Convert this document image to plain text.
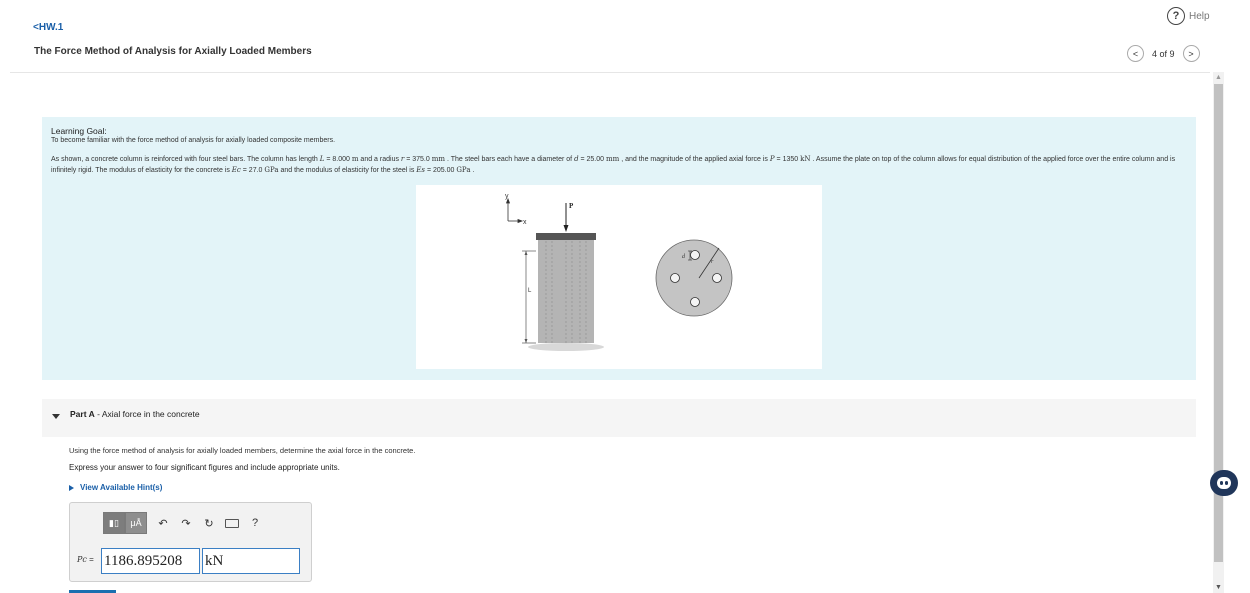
<HW.1
The Force Method of Analysis for Axially Loaded Members
? Help
<	4 of 9	>
▲
▼
Learning Goal:
To become familiar with the force method of analysis for axially loaded composite members.
As shown, a concrete column is reinforced with four steel bars. The column has length L = 8.000 m and a radius r = 375.0 mm . The steel bars each have a diameter of d = 25.00 mm , and the magnitude of the applied axial force is P = 1350 kN . Assume the plate on top of the column allows for equal distribution of the applied force over the entire column and is infinitely rigid. The modulus of elasticity for the concrete is Ec = 27.0 GPa and the modulus of elasticity for the steel is Es = 205.00 GPa .
y
x
P
L
r
d
Part A - Axial force in the concrete
Using the force method of analysis for axially loaded members, determine the axial force in the concrete.
Express your answer to four significant figures and include appropriate units.
View Available Hint(s)
▮▯	μÅ	↶ ↷ ↻	?
Pc = 1186.895208	kN
